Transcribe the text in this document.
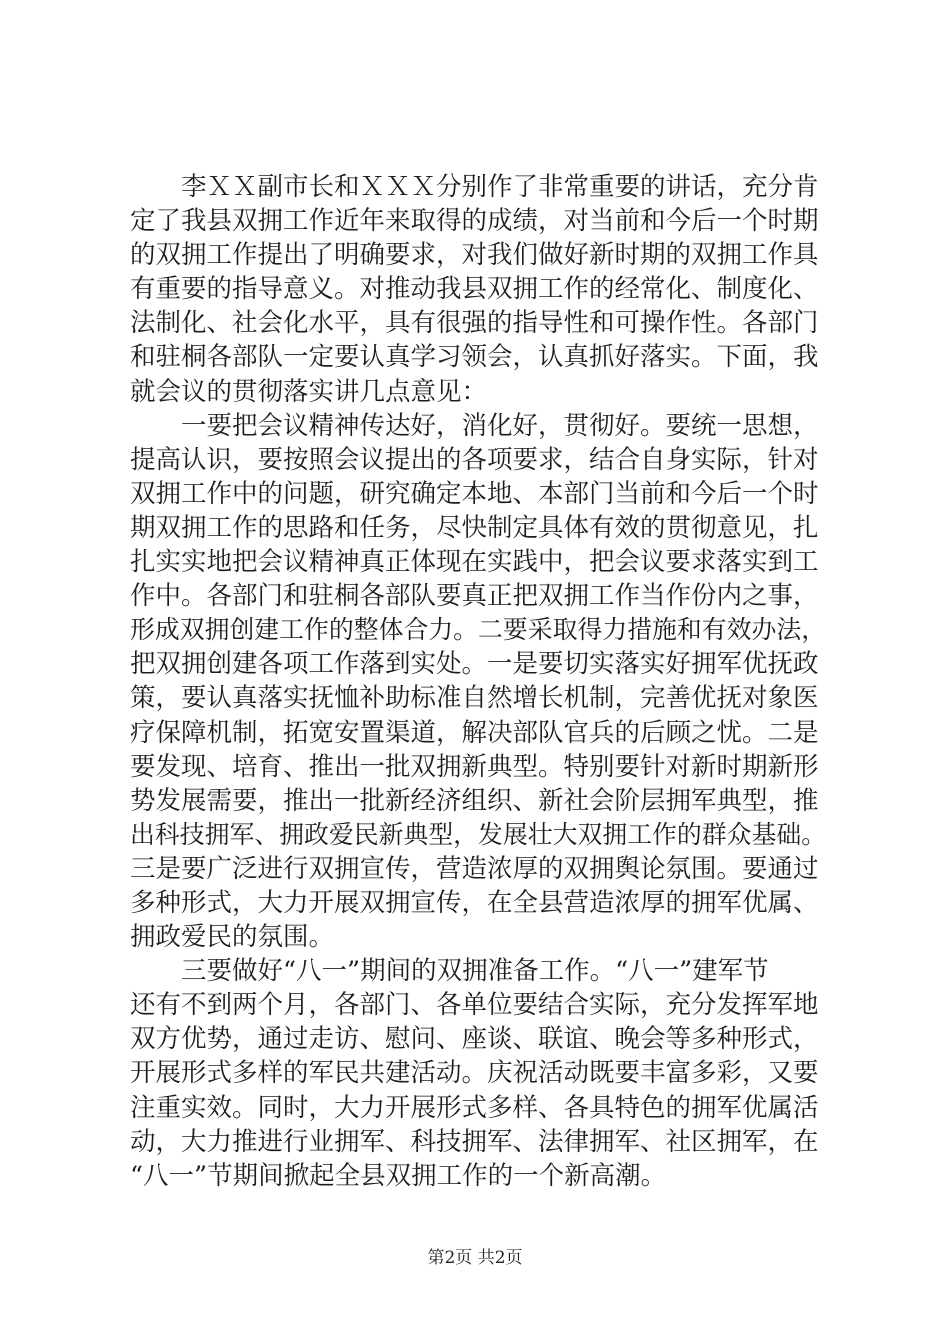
　　李ＸＸ副市长和ＸＸＸ分别作了非常重要的讲话，充分肯
定了我县双拥工作近年来取得的成绩，对当前和今后一个时期
的双拥工作提出了明确要求，对我们做好新时期的双拥工作具
有重要的指导意义。对推动我县双拥工作的经常化、制度化、
法制化、社会化水平，具有很强的指导性和可操作性。各部门
和驻桐各部队一定要认真学习领会，认真抓好落实。下面，我
就会议的贯彻落实讲几点意见：
　　一要把会议精神传达好，消化好，贯彻好。要统一思想，
提高认识，要按照会议提出的各项要求，结合自身实际，针对
双拥工作中的问题，研究确定本地、本部门当前和今后一个时
期双拥工作的思路和任务，尽快制定具体有效的贯彻意见，扎
扎实实地把会议精神真正体现在实践中，把会议要求落实到工
作中。各部门和驻桐各部队要真正把双拥工作当作份内之事，
形成双拥创建工作的整体合力。二要采取得力措施和有效办法，
把双拥创建各项工作落到实处。一是要切实落实好拥军优抚政
策，要认真落实抚恤补助标准自然增长机制，完善优抚对象医
疗保障机制，拓宽安置渠道，解决部队官兵的后顾之忧。二是
要发现、培育、推出一批双拥新典型。特别要针对新时期新形
势发展需要，推出一批新经济组织、新社会阶层拥军典型，推
出科技拥军、拥政爱民新典型，发展壮大双拥工作的群众基础。
三是要广泛进行双拥宣传，营造浓厚的双拥舆论氛围。要通过
多种形式，大力开展双拥宣传，在全县营造浓厚的拥军优属、
拥政爱民的氛围。
　　三要做好“八一”期间的双拥准备工作。“八一”建军节
还有不到两个月，各部门、各单位要结合实际，充分发挥军地
双方优势，通过走访、慰问、座谈、联谊、晚会等多种形式，
开展形式多样的军民共建活动。庆祝活动既要丰富多彩，又要
注重实效。同时，大力开展形式多样、各具特色的拥军优属活
动，大力推进行业拥军、科技拥军、法律拥军、社区拥军，在
“八一”节期间掀起全县双拥工作的一个新高潮。
第2页 共2页
